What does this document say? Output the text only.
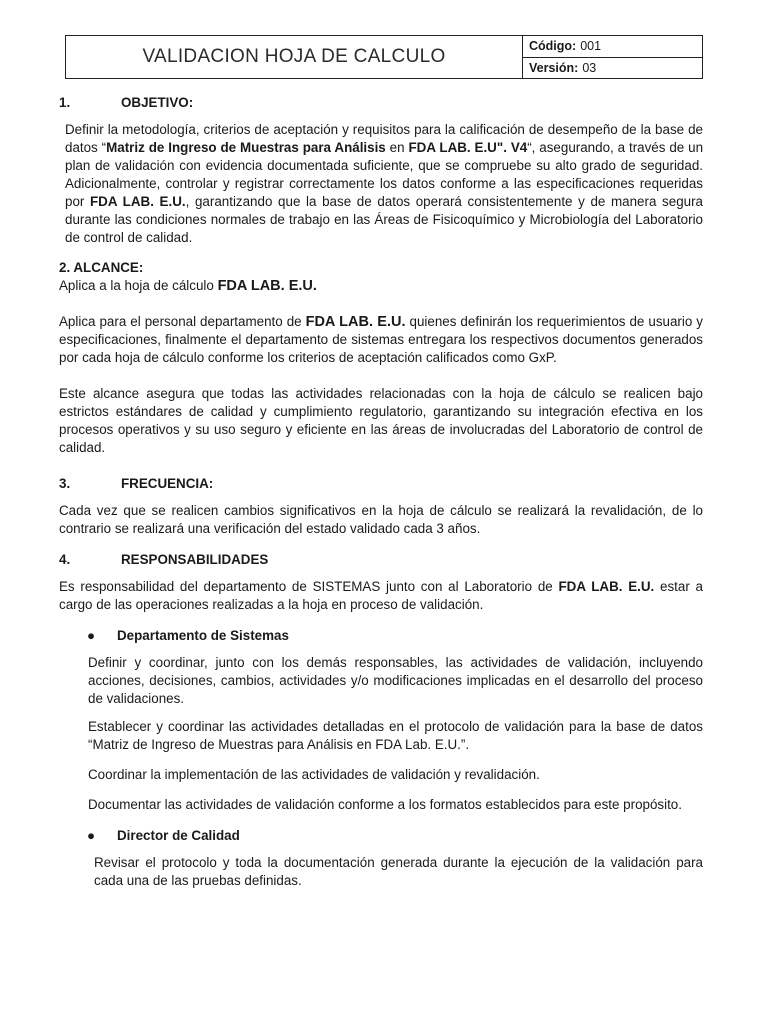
VALIDACION HOJA DE CALCULO	Código: 001
Versión: 03
1.	OBJETIVO:

Definir la metodología, criterios de aceptación y requisitos para la calificación de desempeño de la base de datos “Matriz de Ingreso de Muestras para Análisis en FDA LAB. E.U". V4“, asegurando, a través de un plan de validación con evidencia documentada suficiente, que se compruebe su alto grado de seguridad. Adicionalmente, controlar y registrar correctamente los datos conforme a las especificaciones requeridas por FDA LAB. E.U., garantizando que la base de datos operará consistentemente y de manera segura durante las condiciones normales de trabajo en las Áreas de Fisicoquímico y Microbiología del Laboratorio de control de calidad.

2. ALCANCE:

Aplica a la hoja de cálculo FDA LAB. E.U.

Aplica para el personal departamento de FDA LAB. E.U. quienes definirán los requerimientos de usuario y especificaciones, finalmente el departamento de sistemas entregara los respectivos documentos generados por cada hoja de cálculo conforme los criterios de aceptación calificados como GxP.

Este alcance asegura que todas las actividades relacionadas con la hoja de cálculo se realicen bajo estrictos estándares de calidad y cumplimiento regulatorio, garantizando su integración efectiva en los procesos operativos y su uso seguro y eficiente en las áreas de involucradas del Laboratorio de control de calidad.

3.	FRECUENCIA:

Cada vez que se realicen cambios significativos en la hoja de cálculo se realizará la revalidación, de lo contrario se realizará una verificación del estado validado cada 3 años.

4.	RESPONSABILIDADES

Es responsabilidad del departamento de SISTEMAS junto con al Laboratorio de FDA LAB. E.U. estar a cargo de las operaciones realizadas a la hoja en proceso de validación.

●	Departamento de Sistemas

Definir y coordinar, junto con los demás responsables, las actividades de validación, incluyendo acciones, decisiones, cambios, actividades y/o modificaciones implicadas en el desarrollo del proceso de validaciones.

Establecer y coordinar las actividades detalladas en el protocolo de validación para la base de datos “Matriz de Ingreso de Muestras para Análisis en FDA Lab. E.U.”.

Coordinar la implementación de las actividades de validación y revalidación.

Documentar las actividades de validación conforme a los formatos establecidos para este propósito.

●	Director de Calidad

Revisar el protocolo y toda la documentación generada durante la ejecución de la validación para cada una de las pruebas definidas.
